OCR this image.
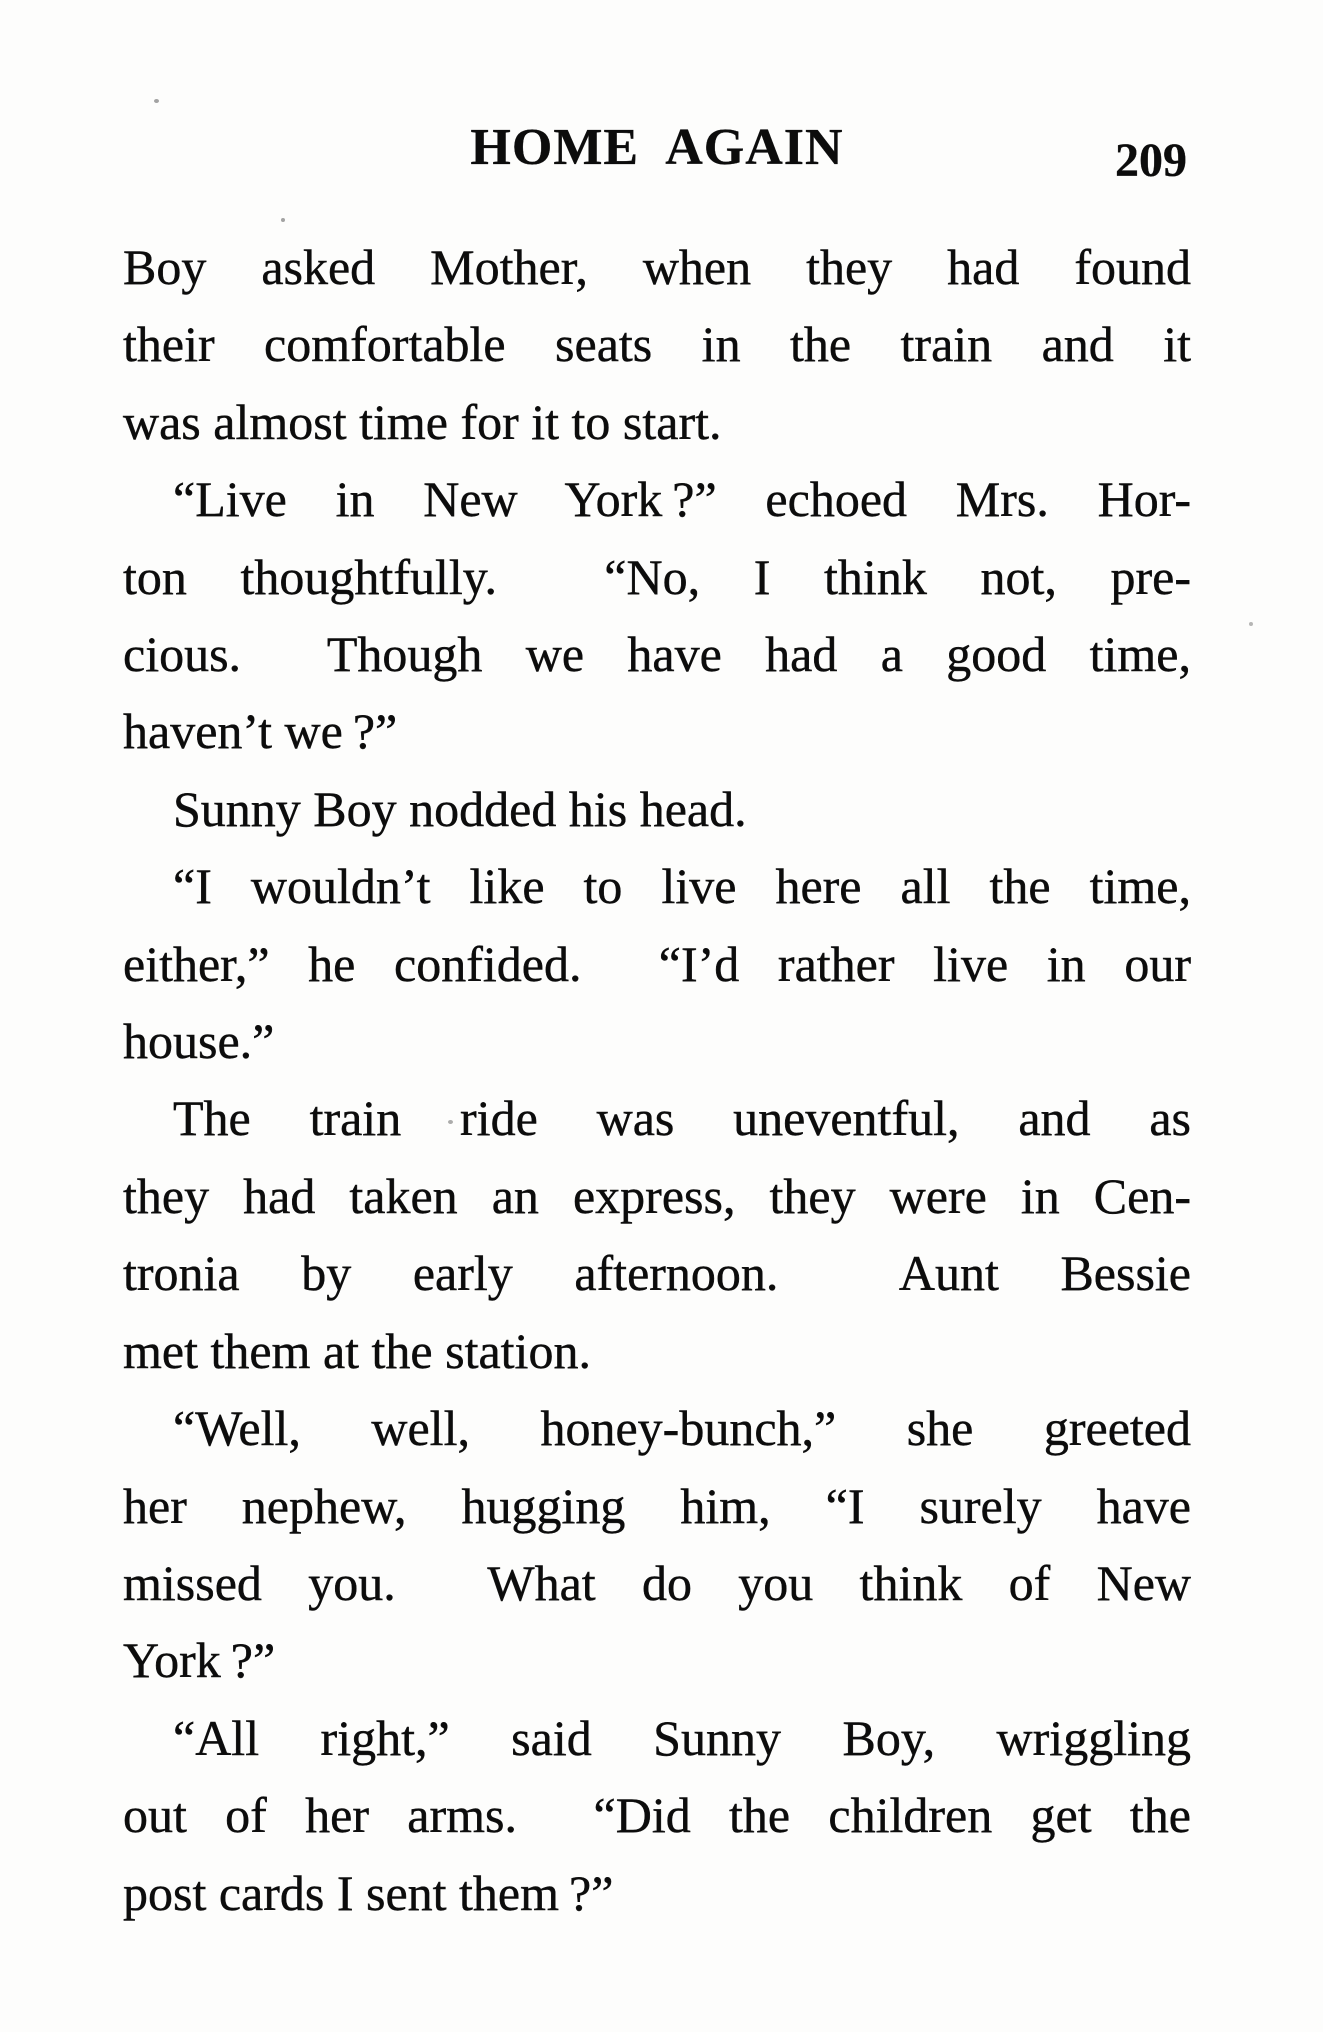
HOME AGAIN	209
Boy asked Mother, when they had found
their comfortable seats in the train and it
was almost time for it to start.
“Live in New York ?” echoed Mrs. Hor-
ton thoughtfully.  “No, I think not, pre-
cious.  Though we have had a good time,
haven’t we ?”
Sunny Boy nodded his head.
“I wouldn’t like to live here all the time,
either,” he confided.  “I’d rather live in our
house.”
The train ride was uneventful, and as
they had taken an express, they were in Cen-
tronia by early afternoon.  Aunt Bessie
met them at the station.
“Well, well, honey-bunch,” she greeted
her nephew, hugging him, “I surely have
missed you.  What do you think of New
York ?”
“All right,” said Sunny Boy, wriggling
out of her arms.  “Did the children get the
post cards I sent them ?”
